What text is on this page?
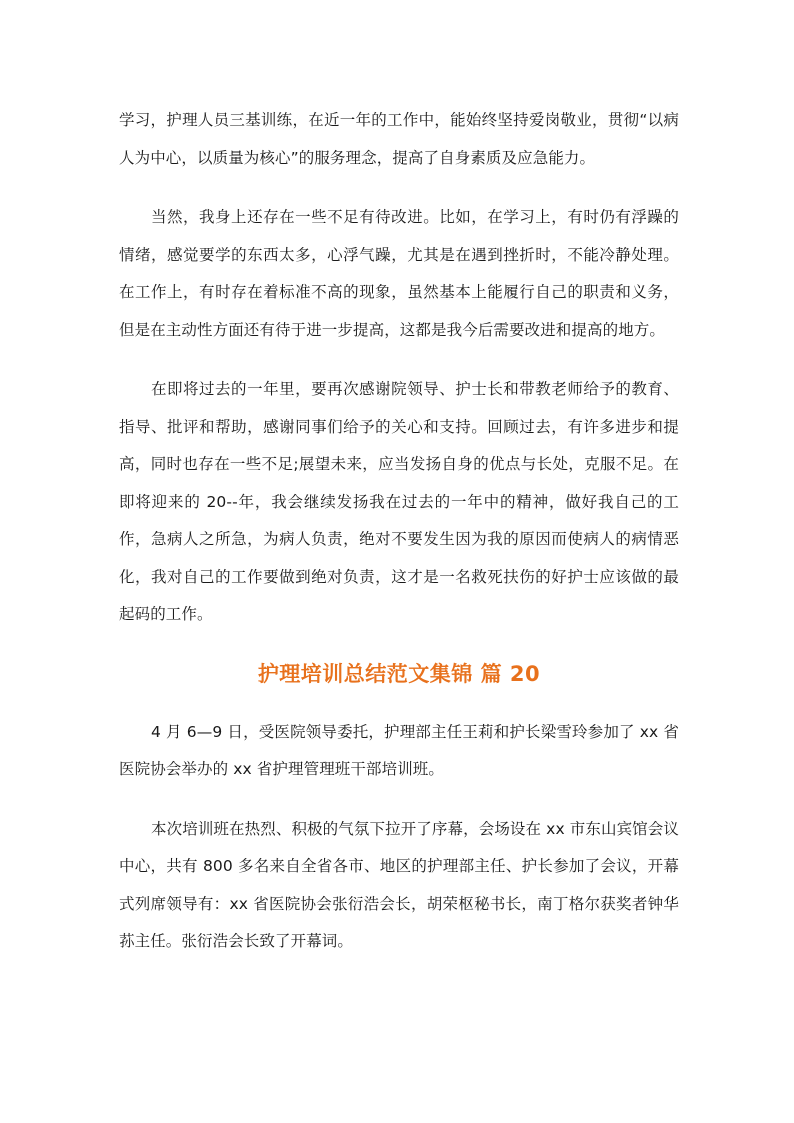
学习，护理人员三基训练，在近一年的工作中，能始终坚持爱岗敬业，贯彻“以病人为中心，以质量为核心”的服务理念，提高了自身素质及应急能力。

当然，我身上还存在一些不足有待改进。比如，在学习上，有时仍有浮躁的情绪，感觉要学的东西太多，心浮气躁，尤其是在遇到挫折时，不能冷静处理。在工作上，有时存在着标准不高的现象，虽然基本上能履行自己的职责和义务，但是在主动性方面还有待于进一步提高，这都是我今后需要改进和提高的地方。

在即将过去的一年里，要再次感谢院领导、护士长和带教老师给予的教育、指导、批评和帮助，感谢同事们给予的关心和支持。回顾过去，有许多进步和提高，同时也存在一些不足;展望未来，应当发扬自身的优点与长处，克服不足。在即将迎来的 20--年，我会继续发扬我在过去的一年中的精神，做好我自己的工作，急病人之所急，为病人负责，绝对不要发生因为我的原因而使病人的病情恶化，我对自己的工作要做到绝对负责，这才是一名救死扶伤的好护士应该做的最起码的工作。

护理培训总结范文集锦 篇 20

4 月 6—9 日，受医院领导委托，护理部主任王莉和护长梁雪玲参加了 xx 省医院协会举办的 xx 省护理管理班干部培训班。

本次培训班在热烈、积极的气氛下拉开了序幕，会场设在 xx 市东山宾馆会议中心，共有 800 多名来自全省各市、地区的护理部主任、护长参加了会议，开幕式列席领导有：xx 省医院协会张衍浩会长，胡荣枢秘书长，南丁格尔获奖者钟华荪主任。张衍浩会长致了开幕词。
